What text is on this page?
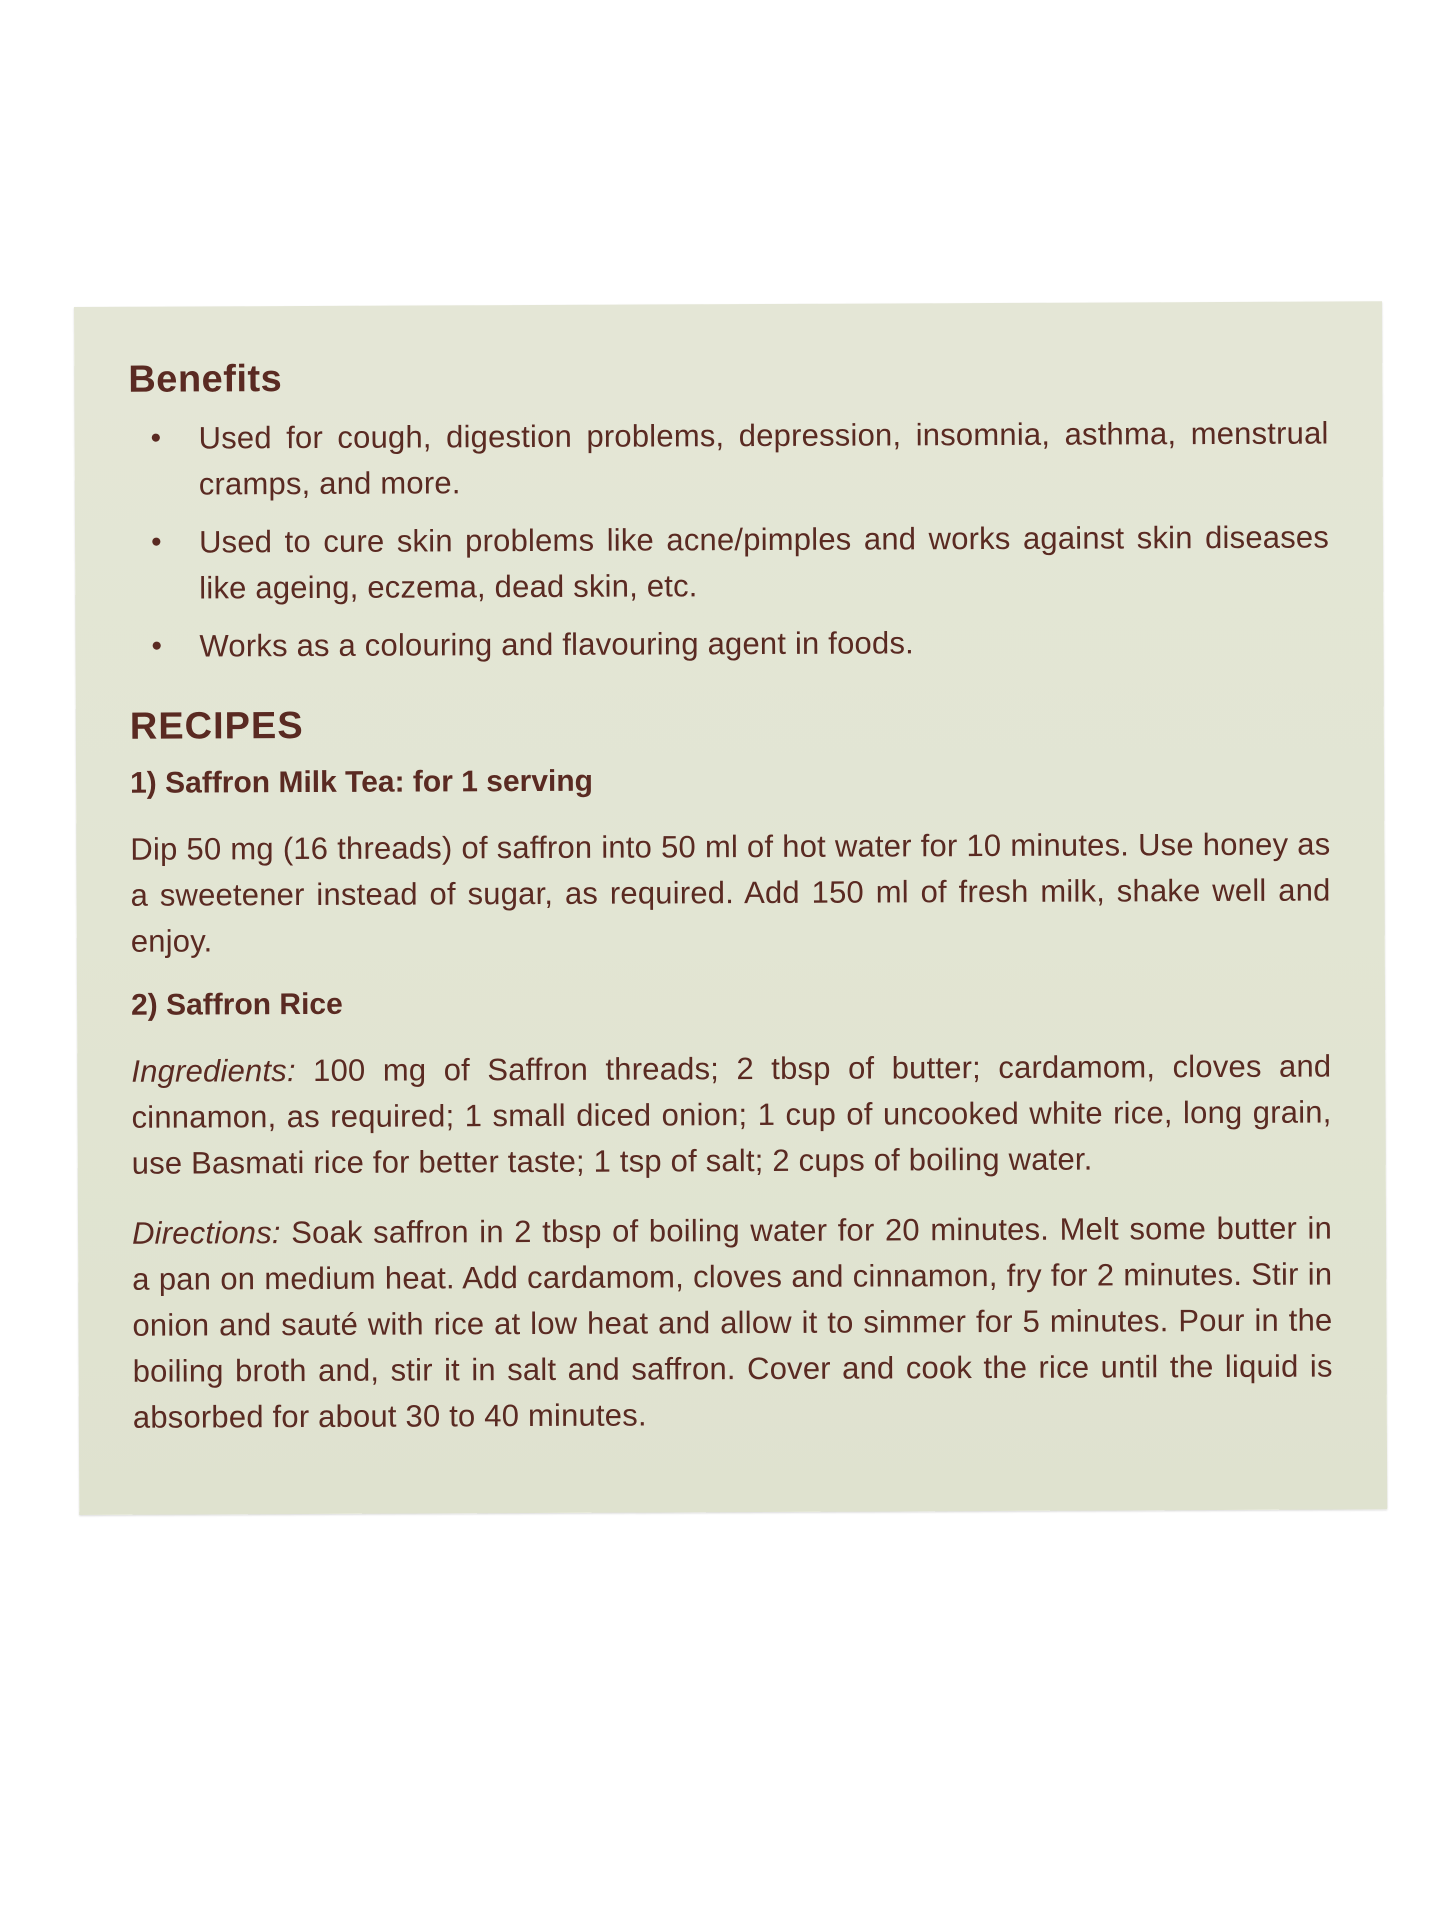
Benefits
• Used for cough, digestion problems, depression, insomnia, asthma, menstrual cramps, and more.
• Used to cure skin problems like acne/pimples and works against skin diseases like ageing, eczema, dead skin, etc.
• Works as a colouring and flavouring agent in foods.
RECIPES
1) Saffron Milk Tea: for 1 serving

Dip 50 mg (16 threads) of saffron into 50 ml of hot water for 10 minutes. Use honey as a sweetener instead of sugar, as required. Add 150 ml of fresh milk, shake well and enjoy.

2) Saffron Rice

Ingredients: 100 mg of Saffron threads; 2 tbsp of butter; cardamom, cloves and cinnamon, as required; 1 small diced onion; 1 cup of uncooked white rice, long grain, use Basmati rice for better taste; 1 tsp of salt; 2 cups of boiling water.

Directions: Soak saffron in 2 tbsp of boiling water for 20 minutes. Melt some butter in a pan on medium heat. Add cardamom, cloves and cinnamon, fry for 2 minutes. Stir in onion and sauté with rice at low heat and allow it to simmer for 5 minutes. Pour in the boiling broth and, stir it in salt and saffron. Cover and cook the rice until the liquid is absorbed for about 30 to 40 minutes.
